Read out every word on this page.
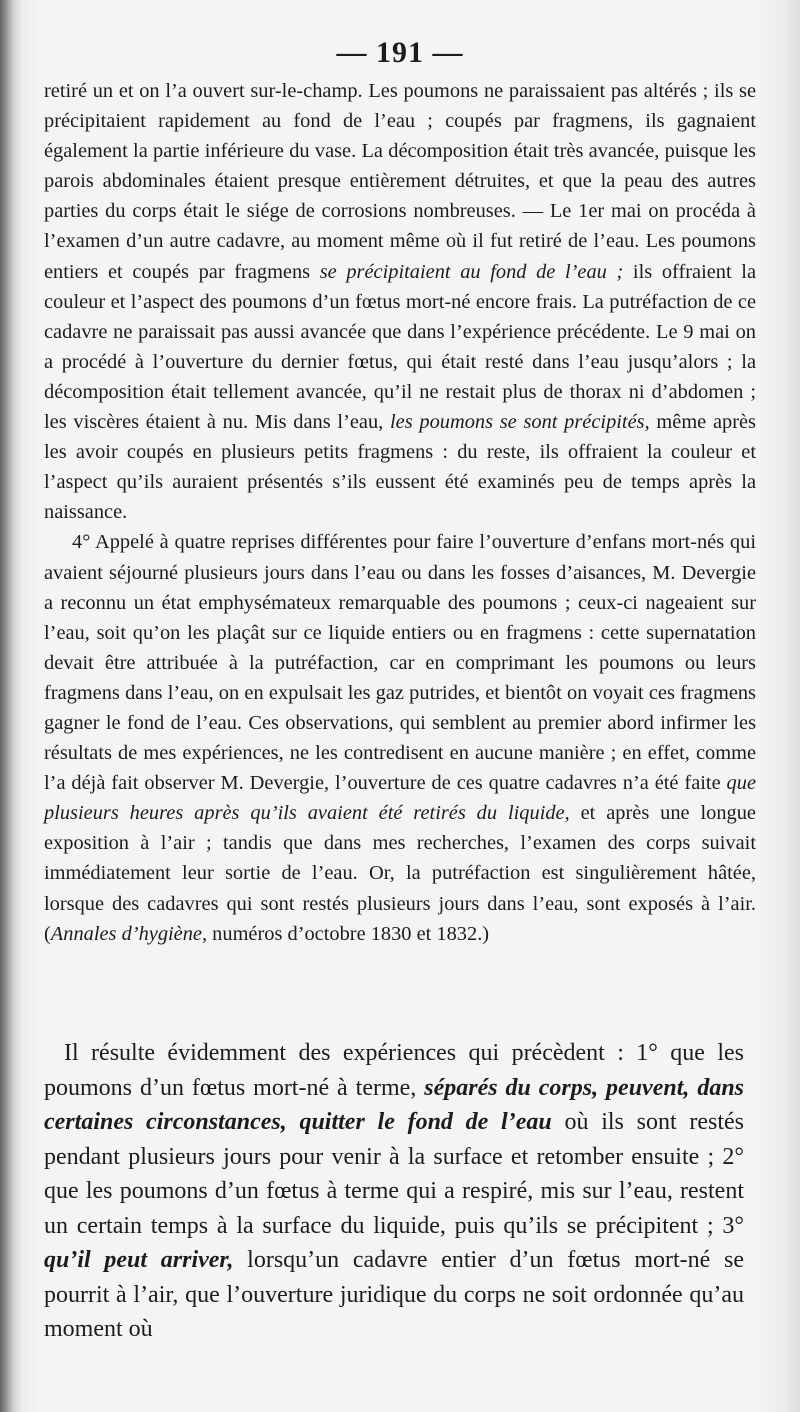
— 191 —

retiré un et on l’a ouvert sur-le-champ. Les poumons ne paraissaient pas altérés ; ils se précipitaient rapidement au fond de l’eau ; coupés par fragmens, ils gagnaient également la partie inférieure du vase. La décomposition était très avancée, puisque les parois abdominales étaient presque entièrement détruites, et que la peau des autres parties du corps était le siége de corrosions nombreuses. — Le 1er mai on procéda à l’examen d’un autre cadavre, au moment même où il fut retiré de l’eau. Les poumons entiers et coupés par fragmens se précipitaient au fond de l’eau ; ils offraient la couleur et l’aspect des poumons d’un fœtus mort-né encore frais. La putréfaction de ce cadavre ne paraissait pas aussi avancée que dans l’expérience précédente. Le 9 mai on a procédé à l’ouverture du dernier fœtus, qui était resté dans l’eau jusqu’alors ; la décomposition était tellement avancée, qu’il ne restait plus de thorax ni d’abdomen ; les viscères étaient à nu. Mis dans l’eau, les poumons se sont précipités, même après les avoir coupés en plusieurs petits fragmens : du reste, ils offraient la couleur et l’aspect qu’ils auraient présentés s’ils eussent été examinés peu de temps après la naissance.

4° Appelé à quatre reprises différentes pour faire l’ouverture d’enfans mort-nés qui avaient séjourné plusieurs jours dans l’eau ou dans les fosses d’aisances, M. Devergie a reconnu un état emphysémateux remarquable des poumons ; ceux-ci nageaient sur l’eau, soit qu’on les plaçât sur ce liquide entiers ou en fragmens : cette supernatation devait être attribuée à la putréfaction, car en comprimant les poumons ou leurs fragmens dans l’eau, on en expulsait les gaz putrides, et bientôt on voyait ces fragmens gagner le fond de l’eau. Ces observations, qui semblent au premier abord infirmer les résultats de mes expériences, ne les contredisent en aucune manière ; en effet, comme l’a déjà fait observer M. Devergie, l’ouverture de ces quatre cadavres n’a été faite que plusieurs heures après qu’ils avaient été retirés du liquide, et après une longue exposition à l’air ; tandis que dans mes recherches, l’examen des corps suivait immédiatement leur sortie de l’eau. Or, la putréfaction est singulièrement hâtée, lorsque des cadavres qui sont restés plusieurs jours dans l’eau, sont exposés à l’air. (Annales d’hygiène, numéros d’octobre 1830 et 1832.)

Il résulte évidemment des expériences qui précèdent : 1° que les poumons d’un fœtus mort-né à terme, séparés du corps, peuvent, dans certaines circonstances, quitter le fond de l’eau où ils sont restés pendant plusieurs jours pour venir à la surface et retomber ensuite ; 2° que les poumons d’un fœtus à terme qui a respiré, mis sur l’eau, restent un certain temps à la surface du liquide, puis qu’ils se précipitent ; 3° qu’il peut arriver, lorsqu’un cadavre entier d’un fœtus mort-né se pourrit à l’air, que l’ouverture juridique du corps ne soit ordonnée qu’au moment où
